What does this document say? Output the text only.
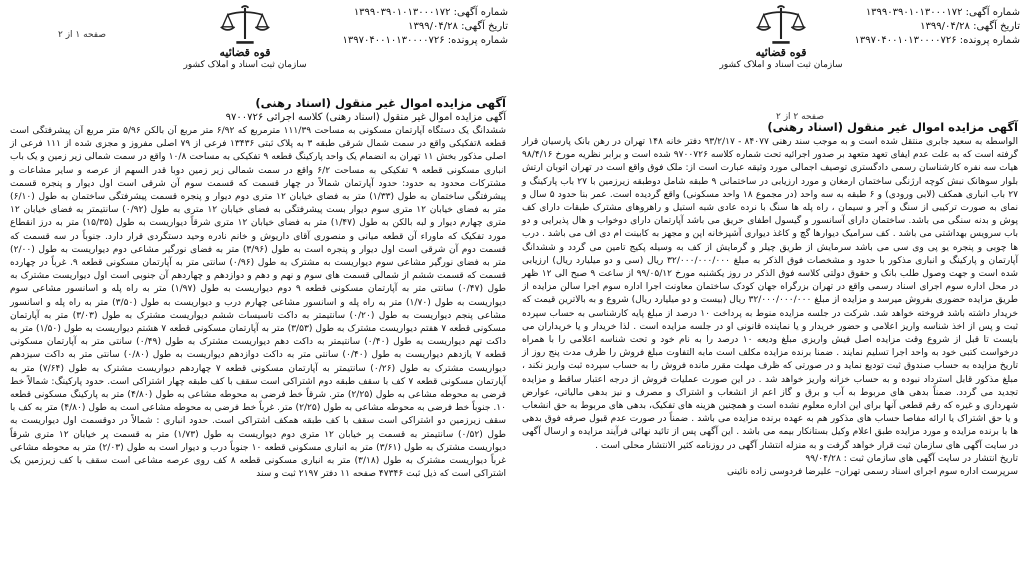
صفحه ۱ از ۲
قوه قضائیه
سازمان ثبت اسناد و املاک کشور
شماره آگهی: ۱۳۹۹۰۳۹۰۱۰۱۳۰۰۰۱۷۲
تاریخ آگهی: ۱۳۹۹/۰۴/۲۸
شماره پرونده: ۱۳۹۷۰۴۰۰۱۰۱۳۰۰۰۰۷۲۶
آگهی مزایده اموال غیر منقول (اسناد رهنی)
آگهی مزایده اموال غیر منقول (اسناد رهنی) کلاسه اجرائی ۹۷۰۰۷۲۶
ششدانگ یک دستگاه آپارتمان مسکونی به مساحت ۱۱۱/۳۹ مترمربع که ۶/۹۲ متر مربع آن بالکن ۵/۹۶ متر مربع آن پیشرفتگی است قطعه ۸تفکیکی واقع در سمت شمال شرقی طبقه ۳ به پلاک ثبتی ۱۳۴۳۶ فرعی از ۷۹ اصلی مفروز و مجزی شده از ۱۱۱ فرعی از اصلی مذکور بخش ۱۱ تهران به انضمام یک واحد پارکینگ قطعه ۹ تفکیکی به مساحت ۱۰/۸ واقع در سمت شمالی زیر زمین و یک باب انباری مسکونی قطعه ۹ تفکیکی به مساحت ۶/۲ واقع در سمت شمالی زیر زمین دوبا قدر السهم از عرصه و سایر مشاعات و مشترکات محدود به حدود: حدود آپارتمان شمالاً در چهار قسمت که قسمت سوم آن شرقی است اول دیوار و پنجره قسمت پیشرفتگی ساختمان به طول (۱/۳۳) متر به فضای خیابان ۱۲ متری دوم دیوار و پنجره قسمت پیشرفتگی ساختمان به طول (۶/۱۰) متر به فضای خیابان ۱۲ متری سوم دیوار بست پیشرفتگی به فضای خیابان ۱۲ متری به طول (۰/۹۲) سانتیمتر به فضای خیابان ۱۲ متری چهارم دیوار و لبه بالکن به طول (۱/۴۷) متر به فضای خیابان ۱۲ متری شرقاً دیواریست به طول (۱۵/۳۵) متر به درز انقطاع مورد تفکیک که ماوراء آن قطعه میانی و منصوری آقای داریوش و خانم نادره وحید دستگردی قرار دارد. جنوباً در سه قسمت که قسمت دوم آن شرقی است اول دیوار و پنجره است به طول (۳/۹۶) متر به فضای نورگیر مشاعی دوم دیواریست به طول (۲/۰۰) متر به فضای نورگیر مشاعی سوم دیواریست به مشترک به طول (۰/۹۶) سانتی متر به آپارتمان مسکونی قطعه ۹. غرباً در چهارده قسمت که قسمت ششم از شمالی قسمت های سوم و نهم و دهم و دوازدهم و چهاردهم آن جنوبی است اول دیواریست مشترک به طول (۰/۴۷) سانتی متر به آپارتمان مسکونی قطعه ۹ دوم دیواریست به طول (۱/۹۷) متر به راه پله و اسانسور مشاعی سوم دیواریست به طول (۱/۷۰) متر به راه پله و اسانسور مشاعی چهارم درب و دیواریست به طول (۳/۵۰) متر به راه پله و اسانسور مشاعی پنجم دیواریست به طول (۰/۲۰) سانتیمتر به داکت تاسیسات ششم دیواریست مشترک به طول (۳/۰۳) متر به آپارتمان مسکونی قطعه ۷ هفتم دیواریست مشترک به طول (۳/۵۳) متر به آپارتمان مسکونی قطعه ۷ هشتم دیواریست به طول (۱/۵۰) متر به داکت تهم دیواریست به طول (۰/۴۰) سانتیمتر به داکت دهم دیواریست مشترک به طول (۰/۴۹) سانتی متر به آپارتمان مسکونی قطعه ۷ یازدهم دیواریست به طول (۰/۴۰) سانتی متر به داکت دوازدهم دیواریست به طول (۰/۸۰) سانتی متر به داکت سیزدهم دیواریست مشترک به طول (۰/۲۶) سانتیمتر به آپارتمان مسکونی قطعه ۷ چهاردهم دیواریست مشترک به طول (۷/۶۴) متر به آپارتمان مسکونی قطعه ۷ کف با سقف طبقه دوم اشتراکی است سقف با کف طبقه چهار اشتراکی است. حدود پارکینگ: شمالاً خط فرضی به محوطه مشاعی به طول (۲/۲۵) متر. شرقاً خط فرضی به محوطه مشاعی به طول (۴/۸۰) متر به پارکینگ مسکونی قطعه ۱۰. جنوباً خط فرضی به محوطه مشاعی به طول (۲/۲۵) متر. غرباً خط فرضی به محوطه مشاعی است به طول (۴/۸۰) متر به کف با سقف زیرزمین دو اشتراکی است سقف با کف طبقه همکف اشتراکی است. حدود انباری : شمالاً در دوقسمت اول دیواریست به طول (۰/۵۲) سانتیمتر به قسمت پر خیابان ۱۲ متری دوم دیواریست به طول (۱/۷۳) متر به قسمت پر خیابان ۱۲ متری شرقاً دیواریست مشترک به طول (۳/۶۱) متر به انباری مسکونی قطعه ۱۰ جنوباً درب و دیوار است به طول (۲/۰۳) متر به محوطه مشاعی غرباً دیواریست مشترک به طول (۳/۱۸) متر به انباری مسکونی قطعه ۸ کف روی عرصه مشاعی است سقف با کف زیرزمین یک اشتراکی است که ذیل ثبت ۴۷۳۴۶ صفحه ۱۱ دفتر ۲۱۹۷ ثبت و سند
قوه قضائیه
سازمان ثبت اسناد و املاک کشور
شماره آگهی: ۱۳۹۹۰۳۹۰۱۰۱۳۰۰۰۱۷۲
تاریخ آگهی: ۱۳۹۹/۰۴/۲۸
شماره پرونده: ۱۳۹۷۰۴۰۰۱۰۱۳۰۰۰۰۷۲۶
صفحه ۲ از ۲
آگهی مزایده اموال غیر منقول (اسناد رهنی)
الواسطه به سعید جابری منتقل شده است و به موجب سند رهنی ۸۴۰۷۷ - ۹۳/۲/۱۷ دفتر خانه ۱۴۸ تهران در رهن بانک پارسیان قرار گرفته است که به علت عدم ایفای تعهد متعهد بر صدور اجرائیه تحت شماره کلاسه ۹۷۰۰۷۲۶ شده است و برابر نظریه مورخ ۹۸/۴/۱۶ هیات سه نفره کارشناسان رسمی دادگستری توصیف اجمالی مورد وثیقه عبارت است از: ملک فوق واقع است در تهران اتوبان ارتش بلوار سوهانک نبش کوچه ارژنگی ساختمان ارمغان و مورد ارزیابی در ساختمانی ۹ طبقه شامل دوطبقه زیرزمین با ۲۷ باب پارکینگ و ۲۷ باب انباری همکف (لابی ورودی) و ۶ طبقه به سه واحد (در مجموع ۱۸ واحد مسکونی) واقع گردیده است. عمر بنا حدود ۵ سال و نمای به صورت ترکیبی از سنگ و آجر و سیمان ، راه پله ها سنگ با نرده عادی شبه استیل و راهروهای مشترک طبقات دارای کف پوش و بدنه سنگی می باشد. ساختمان دارای آسانسور و گیسول اطفای حریق می باشد آپارتمان دارای دوخواب و هال پذیرایی و دو باب سرویس بهداشتی می باشد . کف سرامیک دیوارها گچ و کاغذ دیواری آشپزخانه اپن و مجهز به کابینت ام دی اف می باشد . درب ها چوبی و پنجره یو پی وی سی می باشد سرمایش از طریق چیلر و گرمایش از کف به وسیله پکیج تامین می گردد و ششدانگ آپارتمان و پارکینگ و انباری مذکور با حدود و مشخصات فوق الذکر به مبلغ ۳۲/۰۰۰/۰۰۰/۰۰۰ ریال (سی و دو میلیارد ریال) ارزیابی شده است و جهت وصول طلب بانک و حقوق دولتی کلاسه فوق الذکر در روز یکشنبه مورخ ۹۹/۰۵/۱۲ از ساعت ۹ صبح الی ۱۲ ظهر در محل اداره سوم اجرای اسناد رسمی واقع در تهران بزرگراه جهان کودک ساختمان معاونت اجرا اداره سوم اجرا سالن مزایده از طریق مزایده حضوری بفروش میرسد و مزایده از مبلغ ۳۲/۰۰۰/۰۰۰/۰۰۰ ریال (بیست و دو میلیارد ریال) شروع و به بالاترین قیمت که خریدار داشته باشد فروخته خواهد شد. شرکت در جلسه مزایده منوط به پرداخت ۱۰ درصد از مبلغ پایه کارشناسی به حساب سپرده ثبت و پس از اخذ شناسه واریز اعلامی و حضور خریدار و یا نماینده قانونی او در جلسه مزایده است . لذا خریدار و یا خریداران می بایست تا قبل از شروع وقت مزایده اصل فیش واریزی مبلغ ودیعه ۱۰ درصد را به نام خود و تحت شناسه اعلامی را با همراه درخواست کتبی خود به واحد اجرا تسلیم نمایند . ضمنا برنده مزایده مکلف است مابه التفاوت مبلغ فروش را ظرف مدت پنج روز از تاریخ مزایده به حساب صندوق ثبت تودیع نماید و در صورتی که ظرف مهلت مقرر مانده فروش را به حساب سپرده ثبت واریز نکند ، مبلغ مذکور قابل استرداد نبوده و به حساب خزانه واریز خواهد شد . در این صورت عملیات فروش از درجه اعتبار ساقط و مزایده تجدید می گردد. ضمناً بدهی های مربوط به آب و برق و گاز اعم از انشعاب و اشتراک و مصرف و نیز بدهی مالیاتی، عوارض شهرداری و غیره که رقم قطعی آنها برای این اداره معلوم نشده است و همچنین هزینه های تفکیک، بدهی های مربوط به حق انشعاب و یا حق اشتراک یا ارائه مفاصا حساب های مذکور هم به عهده برنده مزایده می باشد . ضمناً در صورت عدم قبول صرفه فوق بدهی ها با برنده مزایده و مورد مزایده طبق اعلام وکیل بستانکار بیمه می باشد . این آگهی پس از تائید نهائی فرآیند مزایده و ارسال آگهی در سایت آگهی های سازمان ثبت قرار خواهد گرفت و به منزله انتشار آگهی در روزنامه کثیر الانتشار محلی است .
تاریخ انتشار در سایت آگهی های سازمان ثبت : ۹۹/۰۴/۲۸
سرپرست اداره سوم اجرای اسناد رسمی تهران– علیرضا فردوسی زاده نائینی
